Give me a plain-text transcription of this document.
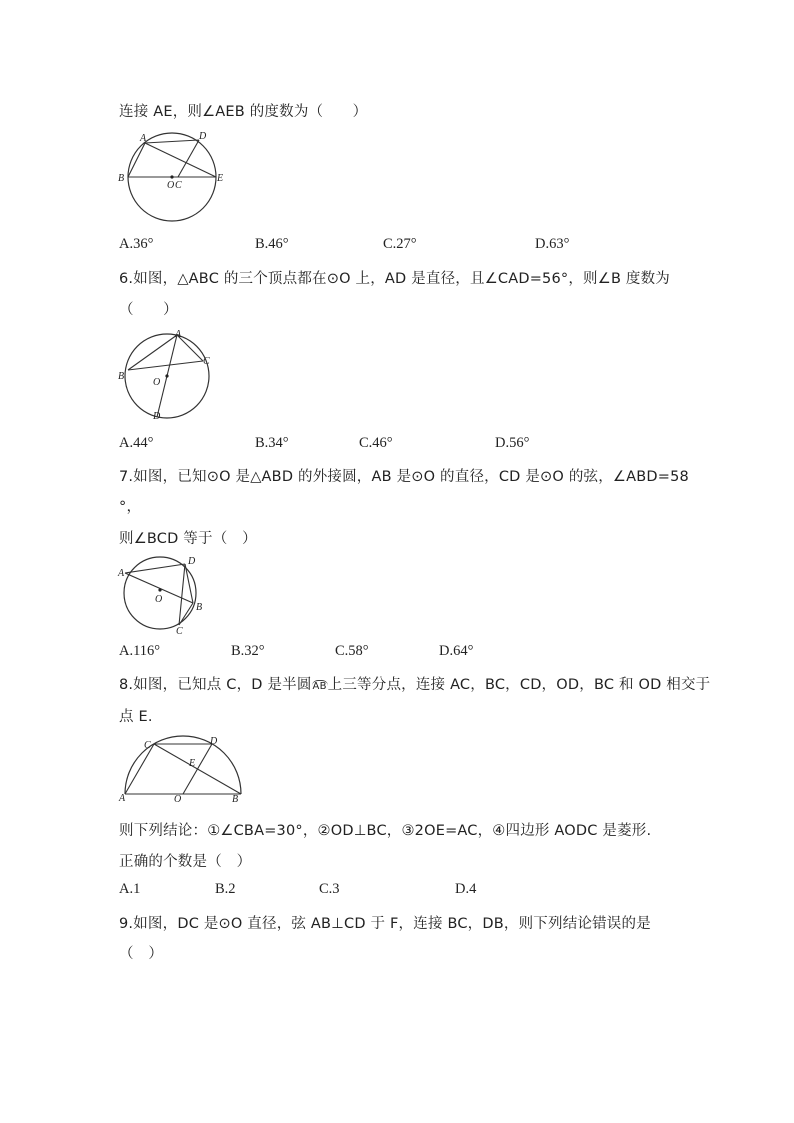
连接 AE，则∠AEB 的度数为（　　）
A	D
B
O C
E
A.36°	B.46°	C.27°	D.63°
6.如图，△ABC 的三个顶点都在⊙O 上，AD 是直径，且∠CAD=56°，则∠B 度数为
（　　）
A
C
B
O
D
A.44°	B.34°	C.46°	D.56°
7.如图，已知⊙O 是△ABD 的外接圆，AB 是⊙O 的直径，CD 是⊙O 的弦，∠ABD=58
°，
则∠BCD 等于（　）
A
D
O
B
C
A.116°	B.32°	C.58°	D.64°
8.如图，已知点 C，D 是半圆AB上三等分点，连接 AC，BC，CD，OD，BC 和 OD 相交于
点 E.
C	D
E
A	O	B
则下列结论：①∠CBA=30°，②OD⊥BC，③2OE=AC，④四边形 AODC 是菱形.
正确的个数是（　）
A.1	B.2	C.3	D.4
9.如图，DC 是⊙O 直径，弦 AB⊥CD 于 F，连接 BC，DB，则下列结论错误的是
（　）
